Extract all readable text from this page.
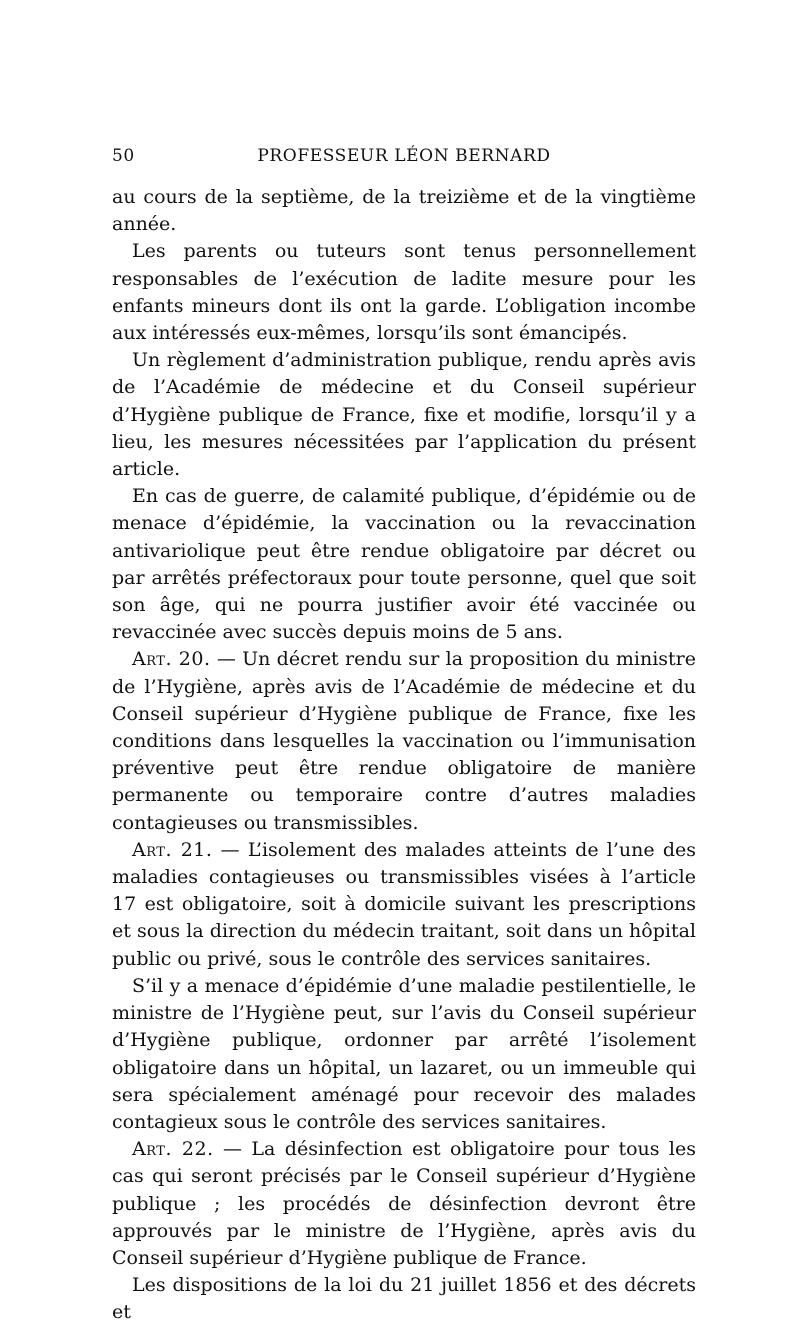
50	PROFESSEUR LÉON BERNARD

au cours de la septième, de la treizième et de la vingtième année.

Les parents ou tuteurs sont tenus personnellement responsables de l’exécution de ladite mesure pour les enfants mineurs dont ils ont la garde. L’obligation incombe aux intéressés eux-mêmes, lorsqu’ils sont émancipés.

Un règlement d’administration publique, rendu après avis de l’Académie de médecine et du Conseil supérieur d’Hygiène publique de France, fixe et modifie, lorsqu’il y a lieu, les mesures nécessitées par l’application du présent article.

En cas de guerre, de calamité publique, d’épidémie ou de menace d’épidémie, la vaccination ou la revaccination antivariolique peut être rendue obligatoire par décret ou par arrêtés préfectoraux pour toute personne, quel que soit son âge, qui ne pourra justifier avoir été vaccinée ou revaccinée avec succès depuis moins de 5 ans.

Art. 20. — Un décret rendu sur la proposition du ministre de l’Hygiène, après avis de l’Académie de médecine et du Conseil supérieur d’Hygiène publique de France, fixe les conditions dans lesquelles la vaccination ou l’immunisation préventive peut être rendue obligatoire de manière permanente ou temporaire contre d’autres maladies contagieuses ou transmissibles.

Art. 21. — L’isolement des malades atteints de l’une des maladies contagieuses ou transmissibles visées à l’article 17 est obligatoire, soit à domicile suivant les prescriptions et sous la direction du médecin traitant, soit dans un hôpital public ou privé, sous le contrôle des services sanitaires.

S’il y a menace d’épidémie d’une maladie pestilentielle, le ministre de l’Hygiène peut, sur l’avis du Conseil supérieur d’Hygiène publique, ordonner par arrêté l’isolement obligatoire dans un hôpital, un lazaret, ou un immeuble qui sera spécialement aménagé pour recevoir des malades contagieux sous le contrôle des services sanitaires.

Art. 22. — La désinfection est obligatoire pour tous les cas qui seront précisés par le Conseil supérieur d’Hygiène publique ; les procédés de désinfection devront être approuvés par le ministre de l’Hygiène, après avis du Conseil supérieur d’Hygiène publique de France.

Les dispositions de la loi du 21 juillet 1856 et des décrets et
